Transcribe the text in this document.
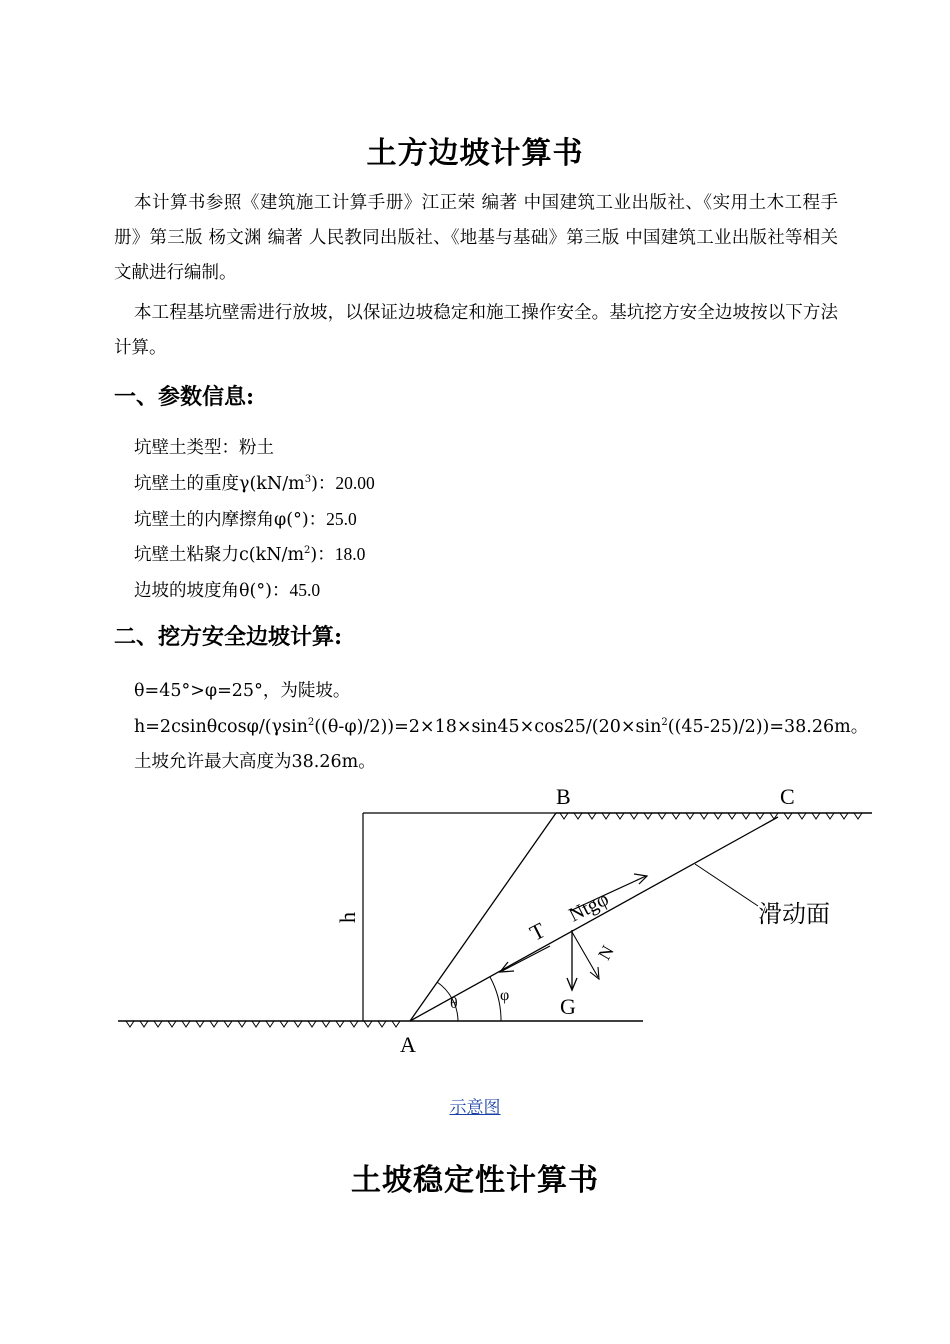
土方边坡计算书
本计算书参照《建筑施工计算手册》江正荣 编著 中国建筑工业出版社、《实用土木工程手册》第三版 杨文渊 编著 人民教同出版社、《地基与基础》第三版 中国建筑工业出版社等相关文献进行编制。
本工程基坑壁需进行放坡，以保证边坡稳定和施工操作安全。基坑挖方安全边坡按以下方法计算。
一、参数信息:
坑壁土类型：粉土
坑壁土的重度$\gamma(kN/m^3)$：20.00
坑壁土的内摩擦角φ(°)：25.0
坑壁土粘聚力$c(kN/m^2)$：18.0
边坡的坡度角θ(°)：45.0
二、挖方安全边坡计算:
θ=45°>φ=25°，为陡坡。
$h=2csin\theta\cos\varphi/(\gamma\sin^2((\theta-\varphi)/2))=2\times 18\times\sin 45\times\cos 25/(20\times\sin^2((45-25)/2))=38.26m$。
土坡允许最大高度为38.26m。
A
B	C
G
h	T
Ntgφ
θ	φ
N
滑动面
示意图
土坡稳定性计算书
